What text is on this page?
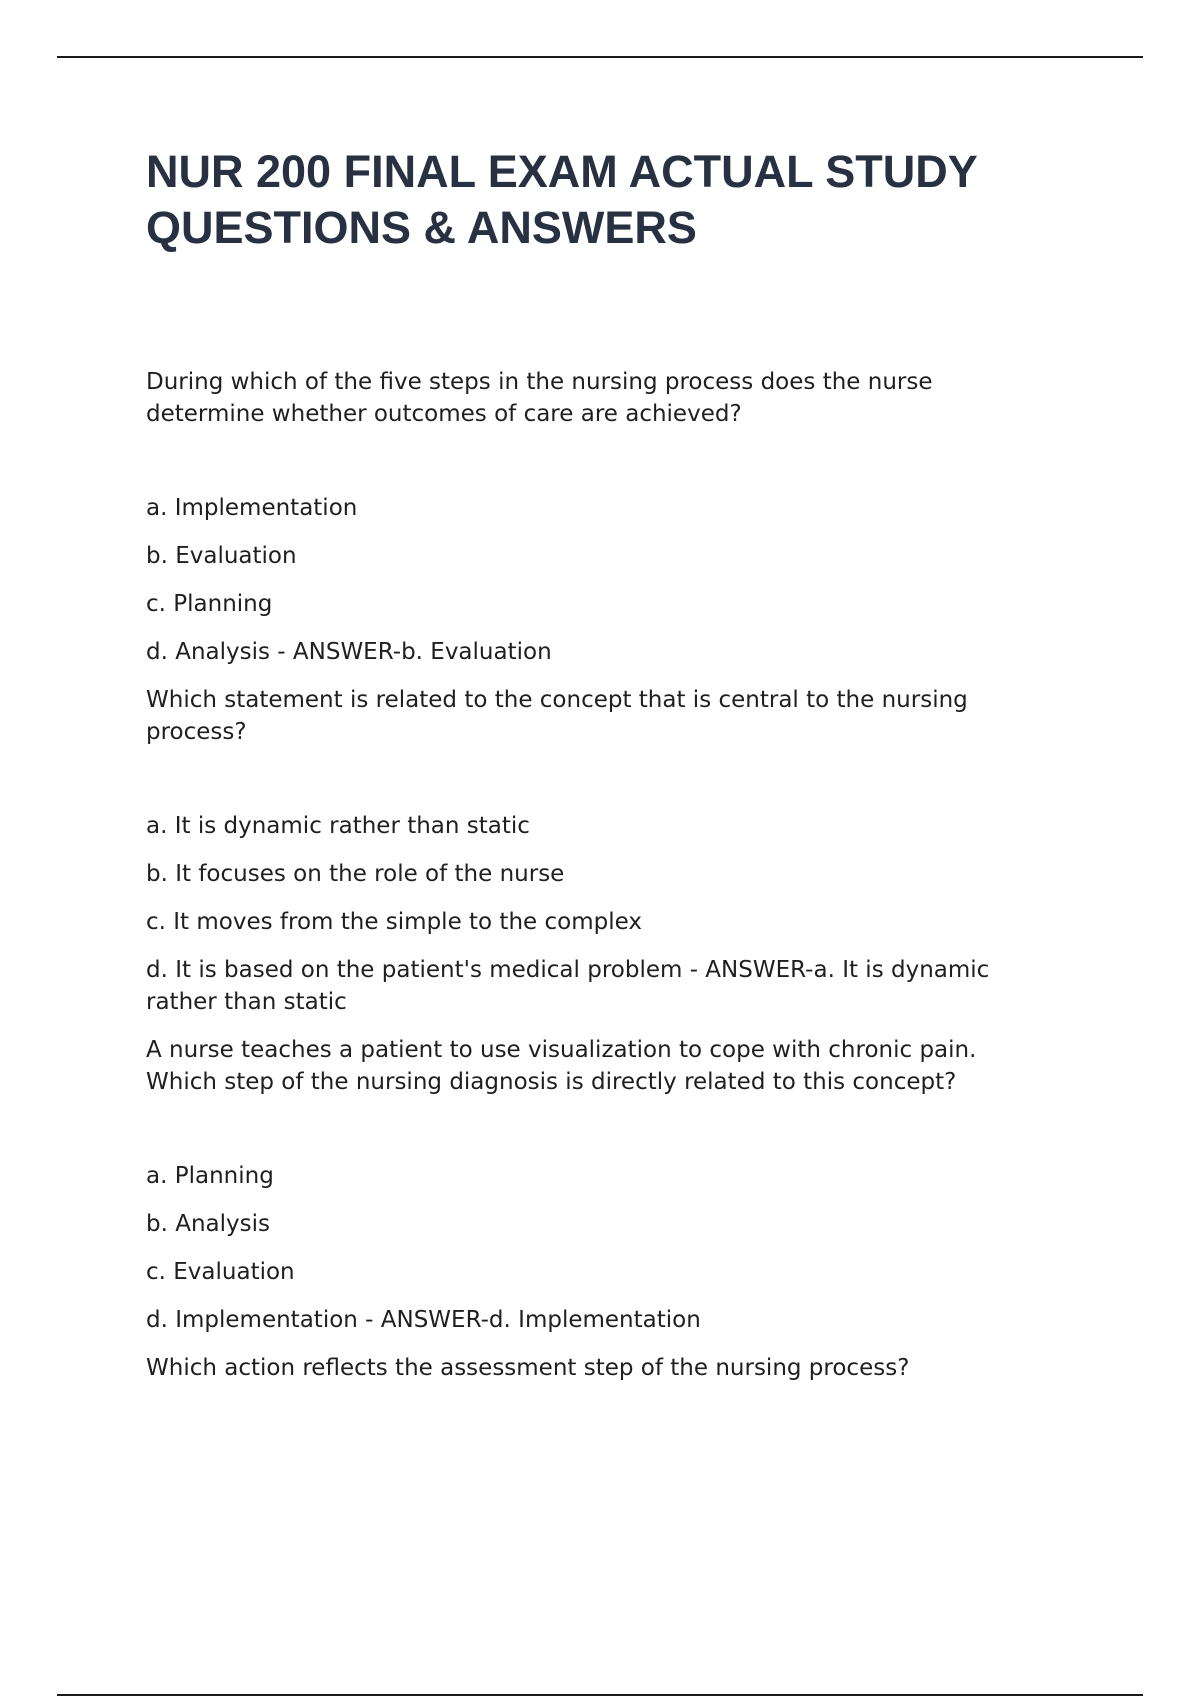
NUR 200 FINAL EXAM ACTUAL STUDY
QUESTIONS & ANSWERS

During which of the five steps in the nursing process does the nurse determine whether outcomes of care are achieved?

a. Implementation

b. Evaluation

c. Planning

d. Analysis - ANSWER-b. Evaluation

Which statement is related to the concept that is central to the nursing process?

a. It is dynamic rather than static

b. It focuses on the role of the nurse

c. It moves from the simple to the complex

d. It is based on the patient's medical problem - ANSWER-a. It is dynamic rather than static

A nurse teaches a patient to use visualization to cope with chronic pain. Which step of the nursing diagnosis is directly related to this concept?

a. Planning

b. Analysis

c. Evaluation

d. Implementation - ANSWER-d. Implementation

Which action reflects the assessment step of the nursing process?
